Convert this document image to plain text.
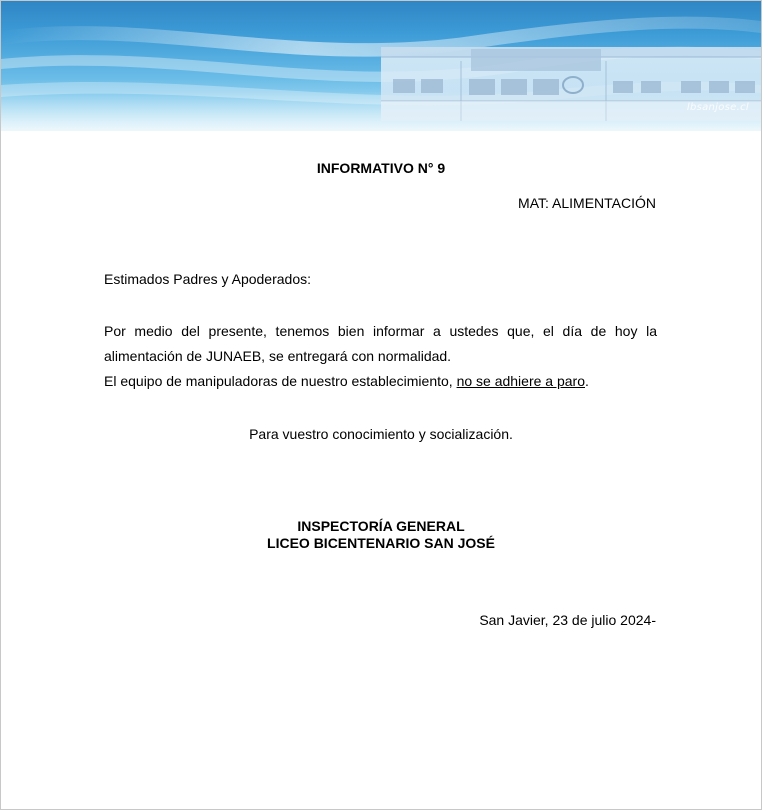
lbsanjose.cl
INFORMATIVO N° 9
MAT: ALIMENTACIÓN
Estimados Padres y Apoderados:

Por medio del presente, tenemos bien informar a ustedes que, el día de hoy la alimentación de JUNAEB, se entregará con normalidad.

El equipo de manipuladoras de nuestro establecimiento, no se adhiere a paro.

Para vuestro conocimiento y socialización.
INSPECTORÍA GENERAL
LICEO BICENTENARIO SAN JOSÉ
San Javier, 23 de julio 2024-
